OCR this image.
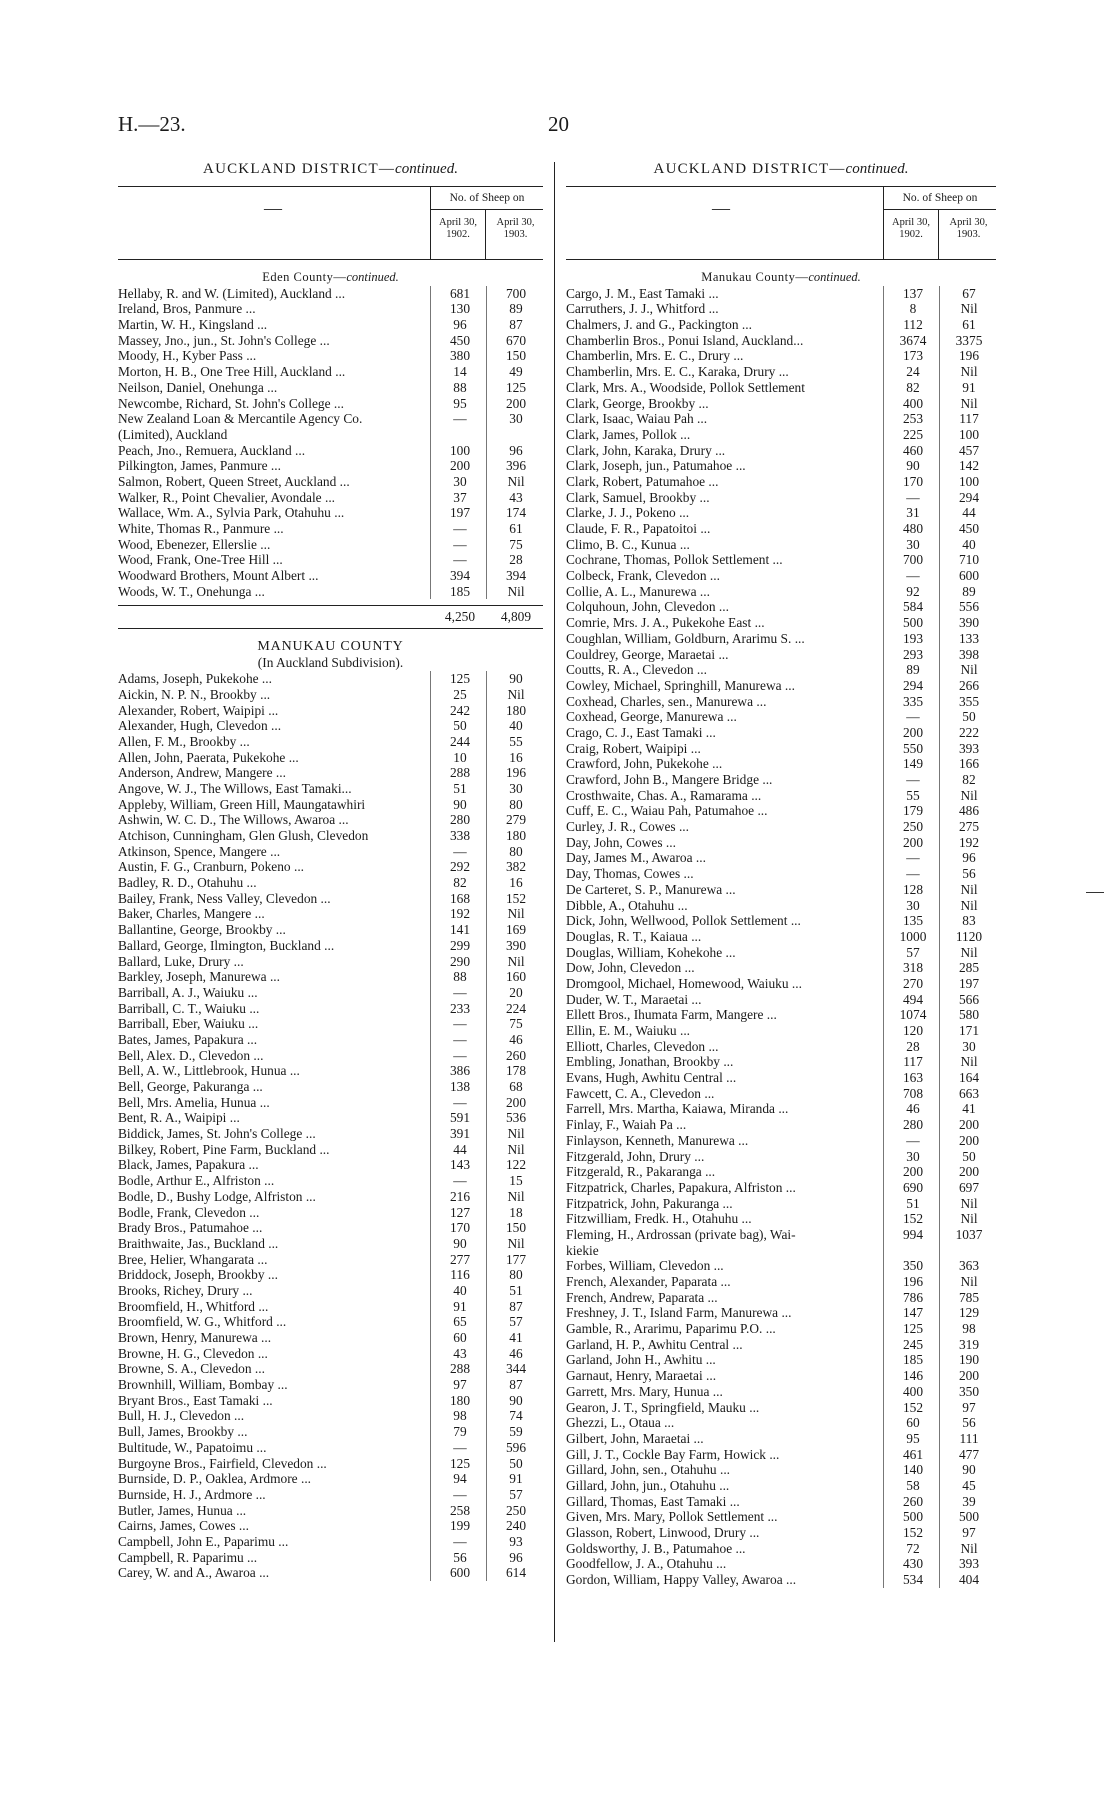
H.—23.	20
AUCKLAND DISTRICT—continued.
—	No. of Sheep on
April 30, 1902.
April 30, 1903.
Eden County—continued.
Hellaby, R. and W. (Limited), Auckland ...	681	700
Ireland, Bros, Panmure ...	130	89
Martin, W. H., Kingsland ...	96	87
Massey, Jno., jun., St. John's College ...	450	670
Moody, H., Kyber Pass ...	380	150
Morton, H. B., One Tree Hill, Auckland ...	14	49
Neilson, Daniel, Onehunga ...	88	125
Newcombe, Richard, St. John's College ...	95	200
New Zealand Loan & Mercantile Agency Co.	—	30
(Limited), Auckland
Peach, Jno., Remuera, Auckland ...	100	96
Pilkington, James, Panmure ...	200	396
Salmon, Robert, Queen Street, Auckland ...	30	Nil
Walker, R., Point Chevalier, Avondale ...	37	43
Wallace, Wm. A., Sylvia Park, Otahuhu ...	197	174
White, Thomas R., Panmure ...	—	61
Wood, Ebenezer, Ellerslie ...	—	75
Wood, Frank, One-Tree Hill ...	—	28
Woodward Brothers, Mount Albert ...	394	394
Woods, W. T., Onehunga ...	185	Nil
4,250	4,809
MANUKAU COUNTY
(In Auckland Subdivision).
Adams, Joseph, Pukekohe ...	125	90
Aickin, N. P. N., Brookby ...	25	Nil
Alexander, Robert, Waipipi ...	242	180
Alexander, Hugh, Clevedon ...	50	40
Allen, F. M., Brookby ...	244	55
Allen, John, Paerata, Pukekohe ...	10	16
Anderson, Andrew, Mangere ...	288	196
Angove, W. J., The Willows, East Tamaki...	51	30
Appleby, William, Green Hill, Maungatawhiri	90	80
Ashwin, W. C. D., The Willows, Awaroa ...	280	279
Atchison, Cunningham, Glen Glush, Clevedon	338	180
Atkinson, Spence, Mangere ...	—	80
Austin, F. G., Cranburn, Pokeno ...	292	382
Badley, R. D., Otahuhu ...	82	16
Bailey, Frank, Ness Valley, Clevedon ...	168	152
Baker, Charles, Mangere ...	192	Nil
Ballantine, George, Brookby ...	141	169
Ballard, George, Ilmington, Buckland ...	299	390
Ballard, Luke, Drury ...	290	Nil
Barkley, Joseph, Manurewa ...	88	160
Barriball, A. J., Waiuku ...	—	20
Barriball, C. T., Waiuku ...	233	224
Barriball, Eber, Waiuku ...	—	75
Bates, James, Papakura ...	—	46
Bell, Alex. D., Clevedon ...	—	260
Bell, A. W., Littlebrook, Hunua ...	386	178
Bell, George, Pakuranga ...	138	68
Bell, Mrs. Amelia, Hunua ...	—	200
Bent, R. A., Waipipi ...	591	536
Biddick, James, St. John's College ...	391	Nil
Bilkey, Robert, Pine Farm, Buckland ...	44	Nil
Black, James, Papakura ...	143	122
Bodle, Arthur E., Alfriston ...	—	15
Bodle, D., Bushy Lodge, Alfriston ...	216	Nil
Bodle, Frank, Clevedon ...	127	18
Brady Bros., Patumahoe ...	170	150
Braithwaite, Jas., Buckland ...	90	Nil
Bree, Helier, Whangarata ...	277	177
Briddock, Joseph, Brookby ...	116	80
Brooks, Richey, Drury ...	40	51
Broomfield, H., Whitford ...	91	87
Broomfield, W. G., Whitford ...	65	57
Brown, Henry, Manurewa ...	60	41
Browne, H. G., Clevedon ...	43	46
Browne, S. A., Clevedon ...	288	344
Brownhill, William, Bombay ...	97	87
Bryant Bros., East Tamaki ...	180	90
Bull, H. J., Clevedon ...	98	74
Bull, James, Brookby ...	79	59
Bultitude, W., Papatoimu ...	—	596
Burgoyne Bros., Fairfield, Clevedon ...	125	50
Burnside, D. P., Oaklea, Ardmore ...	94	91
Burnside, H. J., Ardmore ...	—	57
Butler, James, Hunua ...	258	250
Cairns, James, Cowes ...	199	240
Campbell, John E., Paparimu ...	—	93
Campbell, R. Paparimu ...	56	96
Carey, W. and A., Awaroa ...	600	614
AUCKLAND DISTRICT—continued.
—	No. of Sheep on
April 30, 1902.
April 30, 1903.
Manukau County—continued.
Cargo, J. M., East Tamaki ...	137	67
Carruthers, J. J., Whitford ...	8	Nil
Chalmers, J. and G., Packington ...	112	61
Chamberlin Bros., Ponui Island, Auckland...	3674	3375
Chamberlin, Mrs. E. C., Drury ...	173	196
Chamberlin, Mrs. E. C., Karaka, Drury ...	24	Nil
Clark, Mrs. A., Woodside, Pollok Settlement	82	91
Clark, George, Brookby ...	400	Nil
Clark, Isaac, Waiau Pah ...	253	117
Clark, James, Pollok ...	225	100
Clark, John, Karaka, Drury ...	460	457
Clark, Joseph, jun., Patumahoe ...	90	142
Clark, Robert, Patumahoe ...	170	100
Clark, Samuel, Brookby ...	—	294
Clarke, J. J., Pokeno ...	31	44
Claude, F. R., Papatoitoi ...	480	450
Climo, B. C., Kunua ...	30	40
Cochrane, Thomas, Pollok Settlement ...	700	710
Colbeck, Frank, Clevedon ...	—	600
Collie, A. L., Manurewa ...	92	89
Colquhoun, John, Clevedon ...	584	556
Comrie, Mrs. J. A., Pukekohe East ...	500	390
Coughlan, William, Goldburn, Ararimu S. ...	193	133
Couldrey, George, Maraetai ...	293	398
Coutts, R. A., Clevedon ...	89	Nil
Cowley, Michael, Springhill, Manurewa ...	294	266
Coxhead, Charles, sen., Manurewa ...	335	355
Coxhead, George, Manurewa ...	—	50
Crago, C. J., East Tamaki ...	200	222
Craig, Robert, Waipipi ...	550	393
Crawford, John, Pukekohe ...	149	166
Crawford, John B., Mangere Bridge ...	—	82
Crosthwaite, Chas. A., Ramarama ...	55	Nil
Cuff, E. C., Waiau Pah, Patumahoe ...	179	486
Curley, J. R., Cowes ...	250	275
Day, John, Cowes ...	200	192
Day, James M., Awaroa ...	—	96
Day, Thomas, Cowes ...	—	56
De Carteret, S. P., Manurewa ...	128	Nil
Dibble, A., Otahuhu ...	30	Nil
Dick, John, Wellwood, Pollok Settlement ...	135	83
Douglas, R. T., Kaiaua ...	1000	1120
Douglas, William, Kohekohe ...	57	Nil
Dow, John, Clevedon ...	318	285
Dromgool, Michael, Homewood, Waiuku ...	270	197
Duder, W. T., Maraetai ...	494	566
Ellett Bros., Ihumata Farm, Mangere ...	1074	580
Ellin, E. M., Waiuku ...	120	171
Elliott, Charles, Clevedon ...	28	30
Embling, Jonathan, Brookby ...	117	Nil
Evans, Hugh, Awhitu Central ...	163	164
Fawcett, C. A., Clevedon ...	708	663
Farrell, Mrs. Martha, Kaiawa, Miranda ...	46	41
Finlay, F., Waiah Pa ...	280	200
Finlayson, Kenneth, Manurewa ...	—	200
Fitzgerald, John, Drury ...	30	50
Fitzgerald, R., Pakaranga ...	200	200
Fitzpatrick, Charles, Papakura, Alfriston ...	690	697
Fitzpatrick, John, Pakuranga ...	51	Nil
Fitzwilliam, Fredk. H., Otahuhu ...	152	Nil
Fleming, H., Ardrossan (private bag), Wai-	994	1037
kiekie
Forbes, William, Clevedon ...	350	363
French, Alexander, Paparata ...	196	Nil
French, Andrew, Paparata ...	786	785
Freshney, J. T., Island Farm, Manurewa ...	147	129
Gamble, R., Ararimu, Paparimu P.O. ...	125	98
Garland, H. P., Awhitu Central ...	245	319
Garland, John H., Awhitu ...	185	190
Garnaut, Henry, Maraetai ...	146	200
Garrett, Mrs. Mary, Hunua ...	400	350
Gearon, J. T., Springfield, Mauku ...	152	97
Ghezzi, L., Otaua ...	60	56
Gilbert, John, Maraetai ...	95	111
Gill, J. T., Cockle Bay Farm, Howick ...	461	477
Gillard, John, sen., Otahuhu ...	140	90
Gillard, John, jun., Otahuhu ...	58	45
Gillard, Thomas, East Tamaki ...	260	39
Given, Mrs. Mary, Pollok Settlement ...	500	500
Glasson, Robert, Linwood, Drury ...	152	97
Goldsworthy, J. B., Patumahoe ...	72	Nil
Goodfellow, J. A., Otahuhu ...	430	393
Gordon, William, Happy Valley, Awaroa ...	534	404
